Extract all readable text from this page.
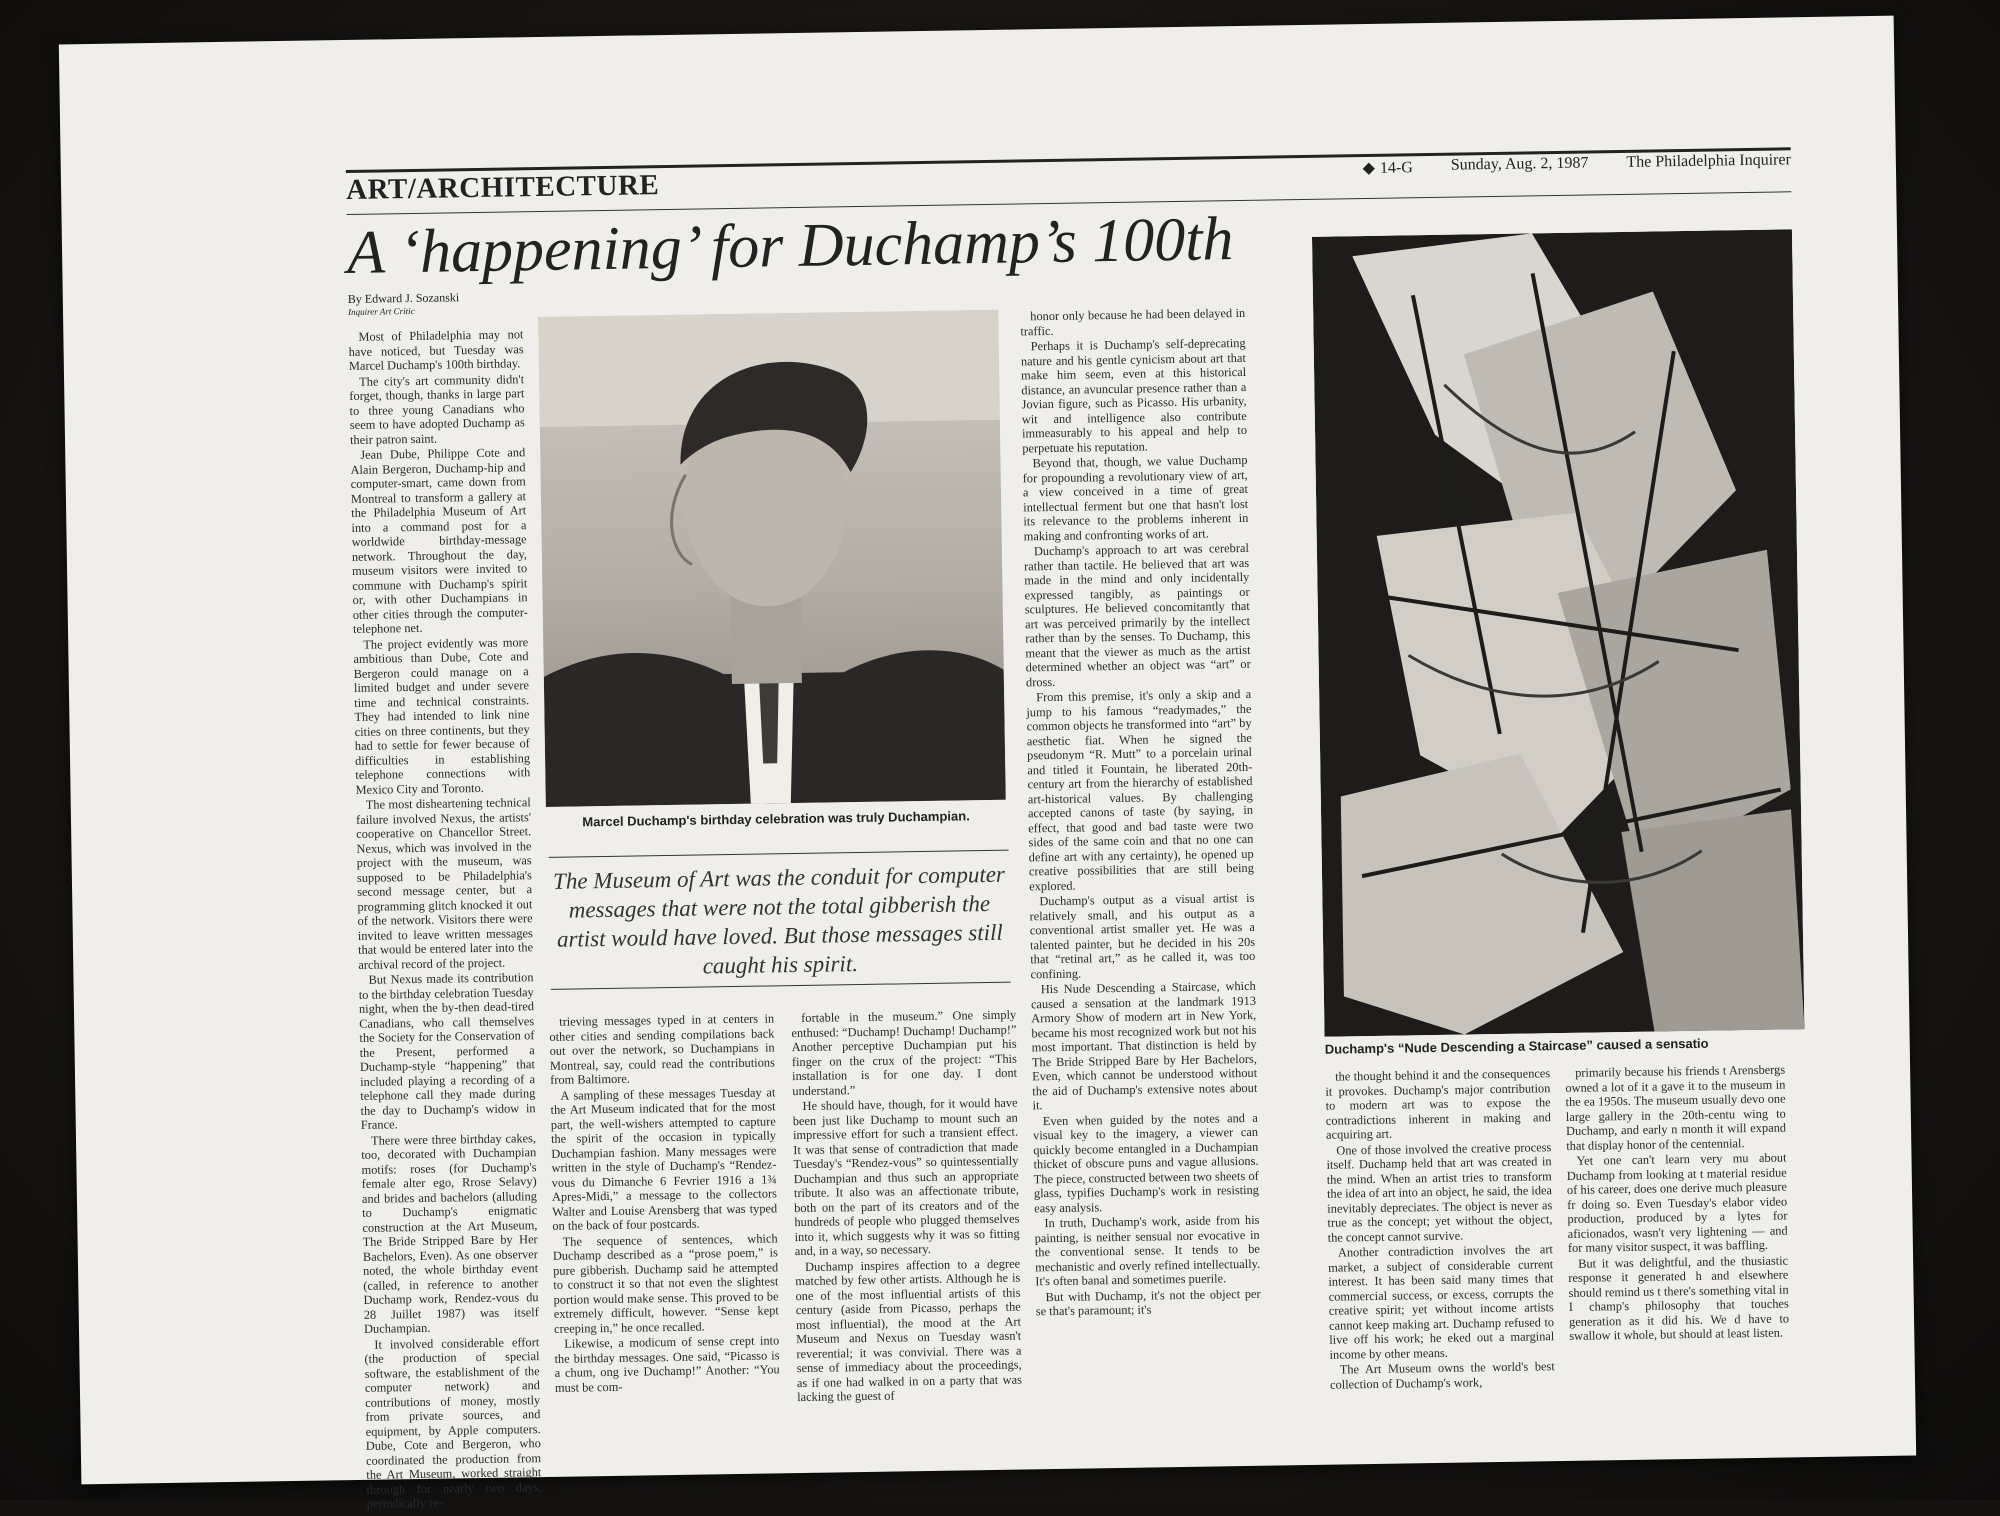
ART/ARCHITECTURE
◆ 14-G Sunday, Aug. 2, 1987 The Philadelphia Inquirer
A ‘happening’ for Duchamp’s 100th
By Edward J. Sozanski
Inquirer Art Critic

Most of Philadelphia may not have noticed, but Tuesday was Marcel Duchamp's 100th birthday.

The city's art community didn't forget, though, thanks in large part to three young Canadians who seem to have adopted Duchamp as their patron saint.

Jean Dube, Philippe Cote and Alain Bergeron, Duchamp-hip and computer-smart, came down from Montreal to transform a gallery at the Philadelphia Museum of Art into a command post for a worldwide birthday-message network. Throughout the day, museum visitors were invited to commune with Duchamp's spirit or, with other Duchampians in other cities through the computer-telephone net.

The project evidently was more ambitious than Dube, Cote and Bergeron could manage on a limited budget and under severe time and technical constraints. They had intended to link nine cities on three continents, but they had to settle for fewer because of difficulties in establishing telephone connections with Mexico City and Toronto.

The most disheartening technical failure involved Nexus, the artists' cooperative on Chancellor Street. Nexus, which was involved in the project with the museum, was supposed to be Philadelphia's second message center, but a programming glitch knocked it out of the network. Visitors there were invited to leave written messages that would be entered later into the archival record of the project.

But Nexus made its contribution to the birthday celebration Tuesday night, when the by-then dead-tired Canadians, who call themselves the Society for the Conservation of the Present, performed a Duchamp-style “happening” that included playing a recording of a telephone call they made during the day to Duchamp's widow in France.

There were three birthday cakes, too, decorated with Duchampian motifs: roses (for Duchamp's female alter ego, Rrose Selavy) and brides and bachelors (alluding to Duchamp's enigmatic construction at the Art Museum, The Bride Stripped Bare by Her Bachelors, Even). As one observer noted, the whole birthday event (called, in reference to another Duchamp work, Rendez-vous du 28 Juillet 1987) was itself Duchampian.

It involved considerable effort (the production of special software, the establishment of the computer network) and contributions of money, mostly from private sources, and equipment, by Apple computers. Dube, Cote and Bergeron, who coordinated the production from the Art Museum, worked straight through for nearly two days, periodically re-

Marcel Duchamp's birthday celebration was truly Duchampian.
The Museum of Art was the conduit for computer messages that were not the total gibberish the artist would have loved. But those messages still caught his spirit.

trieving messages typed in at centers in other cities and sending compilations back out over the network, so Duchampians in Montreal, say, could read the contributions from Baltimore.

A sampling of these messages Tuesday at the Art Museum indicated that for the most part, the well-wishers attempted to capture the spirit of the occasion in typically Duchampian fashion. Many messages were written in the style of Duchamp's “Rendez-vous du Dimanche 6 Fevrier 1916 a 1¾ Apres-Midi,” a message to the collectors Walter and Louise Arensberg that was typed on the back of four postcards.

The sequence of sentences, which Duchamp described as a “prose poem,” is pure gibberish. Duchamp said he attempted to construct it so that not even the slightest portion would make sense. This proved to be extremely difficult, however. “Sense kept creeping in,” he once recalled.

Likewise, a modicum of sense crept into the birthday messages. One said, “Picasso is a chum, ong ive Duchamp!” Another: “You must be com-

fortable in the museum.” One simply enthused: “Duchamp! Duchamp! Duchamp!” Another perceptive Duchampian put his finger on the crux of the project: “This installation is for one day. I dont understand.”

He should have, though, for it would have been just like Duchamp to mount such an impressive effort for such a transient effect. It was that sense of contradiction that made Tuesday's “Rendez-vous” so quintessentially Duchampian and thus such an appropriate tribute. It also was an affectionate tribute, both on the part of its creators and of the hundreds of people who plugged themselves into it, which suggests why it was so fitting and, in a way, so necessary.

Duchamp inspires affection to a degree matched by few other artists. Although he is one of the most influential artists of this century (aside from Picasso, perhaps the most influential), the mood at the Art Museum and Nexus on Tuesday wasn't reverential; it was convivial. There was a sense of immediacy about the proceedings, as if one had walked in on a party that was lacking the guest of

honor only because he had been delayed in traffic.

Perhaps it is Duchamp's self-deprecating nature and his gentle cynicism about art that make him seem, even at this historical distance, an avuncular presence rather than a Jovian figure, such as Picasso. His urbanity, wit and intelligence also contribute immeasurably to his appeal and help to perpetuate his reputation.

Beyond that, though, we value Duchamp for propounding a revolutionary view of art, a view conceived in a time of great intellectual ferment but one that hasn't lost its relevance to the problems inherent in making and confronting works of art.

Duchamp's approach to art was cerebral rather than tactile. He believed that art was made in the mind and only incidentally expressed tangibly, as paintings or sculptures. He believed concomitantly that art was perceived primarily by the intellect rather than by the senses. To Duchamp, this meant that the viewer as much as the artist determined whether an object was “art” or dross.

From this premise, it's only a skip and a jump to his famous “readymades,” the common objects he transformed into “art” by aesthetic fiat. When he signed the pseudonym “R. Mutt” to a porcelain urinal and titled it Fountain, he liberated 20th-century art from the hierarchy of established art-historical values. By challenging accepted canons of taste (by saying, in effect, that good and bad taste were two sides of the same coin and that no one can define art with any certainty), he opened up creative possibilities that are still being explored.

Duchamp's output as a visual artist is relatively small, and his output as a conventional artist smaller yet. He was a talented painter, but he decided in his 20s that “retinal art,” as he called it, was too confining.

His Nude Descending a Staircase, which caused a sensation at the landmark 1913 Armory Show of modern art in New York, became his most recognized work but not his most important. That distinction is held by The Bride Stripped Bare by Her Bachelors, Even, which cannot be understood without the aid of Duchamp's extensive notes about it.

Even when guided by the notes and a visual key to the imagery, a viewer can quickly become entangled in a Duchampian thicket of obscure puns and vague allusions. The piece, constructed between two sheets of glass, typifies Duchamp's work in resisting easy analysis.

In truth, Duchamp's work, aside from his painting, is neither sensual nor evocative in the conventional sense. It tends to be mechanistic and overly refined intellectually. It's often banal and sometimes puerile.

But with Duchamp, it's not the object per se that's paramount; it's

Duchamp's “Nude Descending a Staircase” caused a sensatio

the thought behind it and the consequences it provokes. Duchamp's major contribution to modern art was to expose the contradictions inherent in making and acquiring art.

One of those involved the creative process itself. Duchamp held that art was created in the mind. When an artist tries to transform the idea of art into an object, he said, the idea inevitably depreciates. The object is never as true as the concept; yet without the object, the concept cannot survive.

Another contradiction involves the art market, a subject of considerable current interest. It has been said many times that commercial success, or excess, corrupts the creative spirit; yet without income artists cannot keep making art. Duchamp refused to live off his work; he eked out a marginal income by other means.

The Art Museum owns the world's best collection of Duchamp's work,

primarily because his friends t Arensbergs owned a lot of it a gave it to the museum in the ea 1950s. The museum usually devo one large gallery in the 20th-centu wing to Duchamp, and early n month it will expand that display honor of the centennial.

Yet one can't learn very mu about Duchamp from looking at t material residue of his career, does one derive much pleasure fr doing so. Even Tuesday's elabor video production, produced by a lytes for aficionados, wasn't very lightening — and for many visitor suspect, it was baffling.

But it was delightful, and the thusiastic response it generated h and elsewhere should remind us t there's something vital in I champ's philosophy that touches generation as it did his. We d have to swallow it whole, but should at least listen.
